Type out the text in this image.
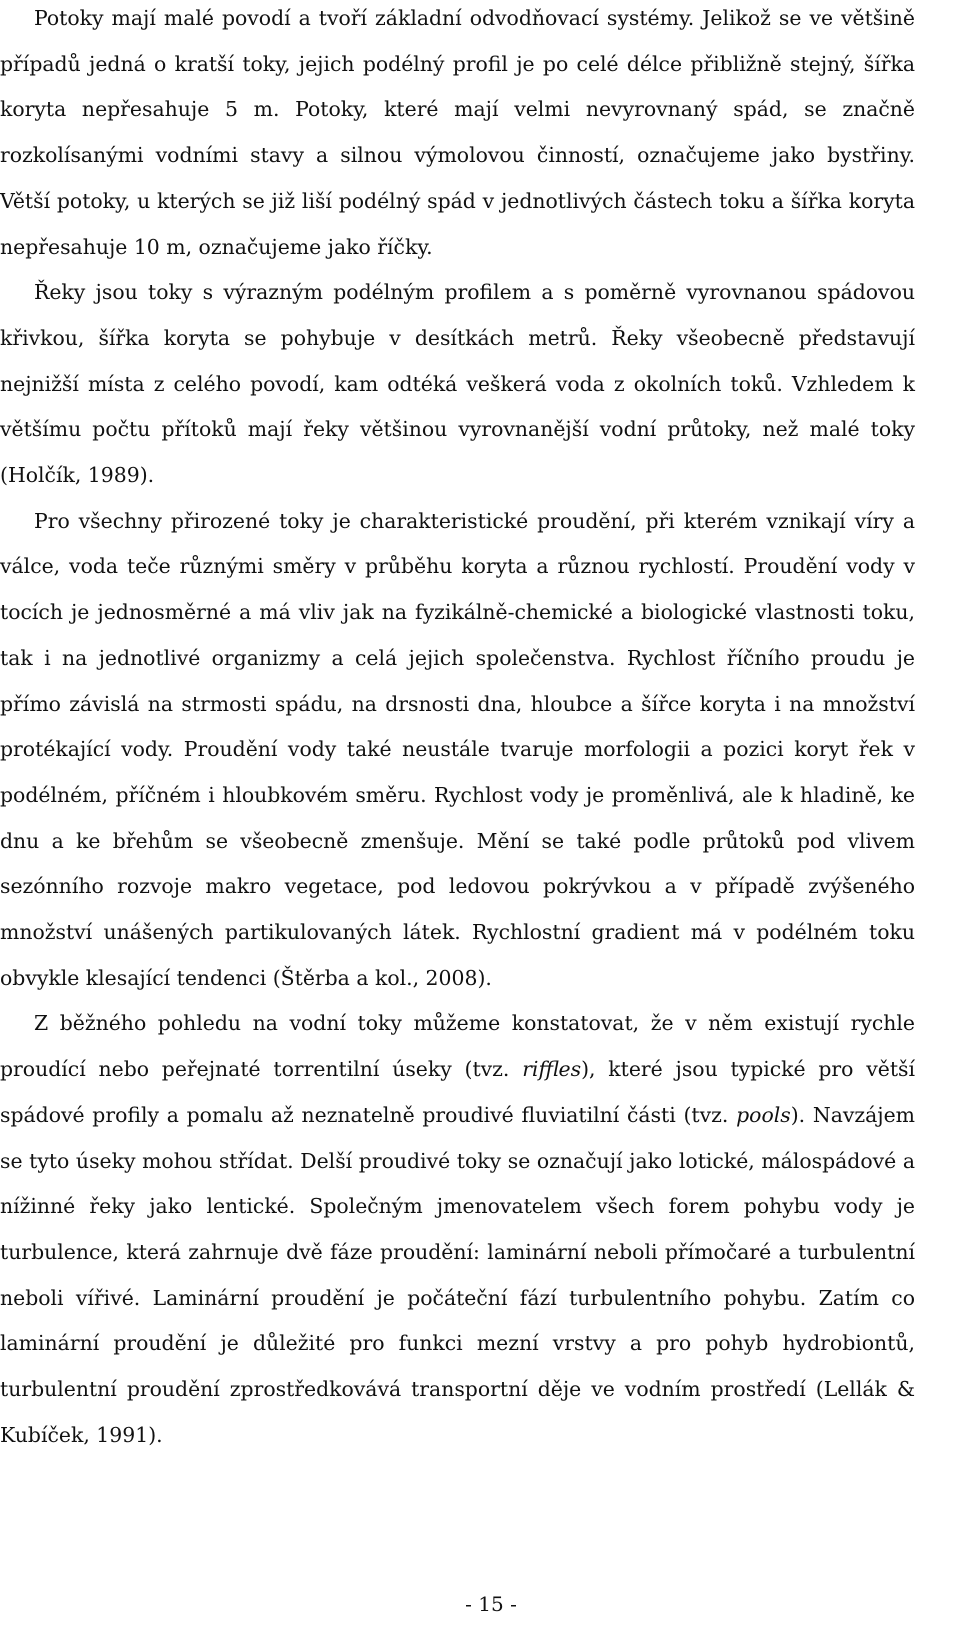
Potoky mají malé povodí a tvoří základní odvodňovací systémy. Jelikož se ve většině případů jedná o kratší toky, jejich podélný profil je po celé délce přibližně stejný, šířka koryta nepřesahuje 5 m. Potoky, které mají velmi nevyrovnaný spád, se značně rozkolísanými vodními stavy a silnou výmolovou činností, označujeme jako bystřiny. Větší potoky, u kterých se již liší podélný spád v jednotlivých částech toku a šířka koryta nepřesahuje 10 m, označujeme jako říčky.

Řeky jsou toky s výrazným podélným profilem a s poměrně vyrovnanou spádovou křivkou, šířka koryta se pohybuje v desítkách metrů. Řeky všeobecně představují nejnižší místa z celého povodí, kam odtéká veškerá voda z okolních toků. Vzhledem k většímu počtu přítoků mají řeky většinou vyrovnanější vodní průtoky, než malé toky (Holčík, 1989).

Pro všechny přirozené toky je charakteristické proudění, při kterém vznikají víry a válce, voda teče různými směry v průběhu koryta a různou rychlostí. Proudění vody v tocích je jednosměrné a má vliv jak na fyzikálně-chemické a biologické vlastnosti toku, tak i na jednotlivé organizmy a celá jejich společenstva. Rychlost říčního proudu je přímo závislá na strmosti spádu, na drsnosti dna, hloubce a šířce koryta i na množství protékající vody. Proudění vody také neustále tvaruje morfologii a pozici koryt řek v podélném, příčném i hloubkovém směru. Rychlost vody je proměnlivá, ale k hladině, ke dnu a ke břehům se všeobecně zmenšuje. Mění se také podle průtoků pod vlivem sezónního rozvoje makro vegetace, pod ledovou pokrývkou a v případě zvýšeného množství unášených partikulovaných látek. Rychlostní gradient má v podélném toku obvykle klesající tendenci (Štěrba a kol., 2008).

Z běžného pohledu na vodní toky můžeme konstatovat, že v něm existují rychle proudící nebo peřejnaté torrentilní úseky (tvz. riffles), které jsou typické pro větší spádové profily a pomalu až neznatelně proudivé fluviatilní části (tvz. pools). Navzájem se tyto úseky mohou střídat. Delší proudivé toky se označují jako lotické, málospádové a nížinné řeky jako lentické. Společným jmenovatelem všech forem pohybu vody je turbulence, která zahrnuje dvě fáze proudění: laminární neboli přímočaré a turbulentní neboli vířivé. Laminární proudění je počáteční fází turbulentního pohybu. Zatím co laminární proudění je důležité pro funkci mezní vrstvy a pro pohyb hydrobiontů, turbulentní proudění zprostředkovává transportní děje ve vodním prostředí (Lellák & Kubíček, 1991).

- 15 -
